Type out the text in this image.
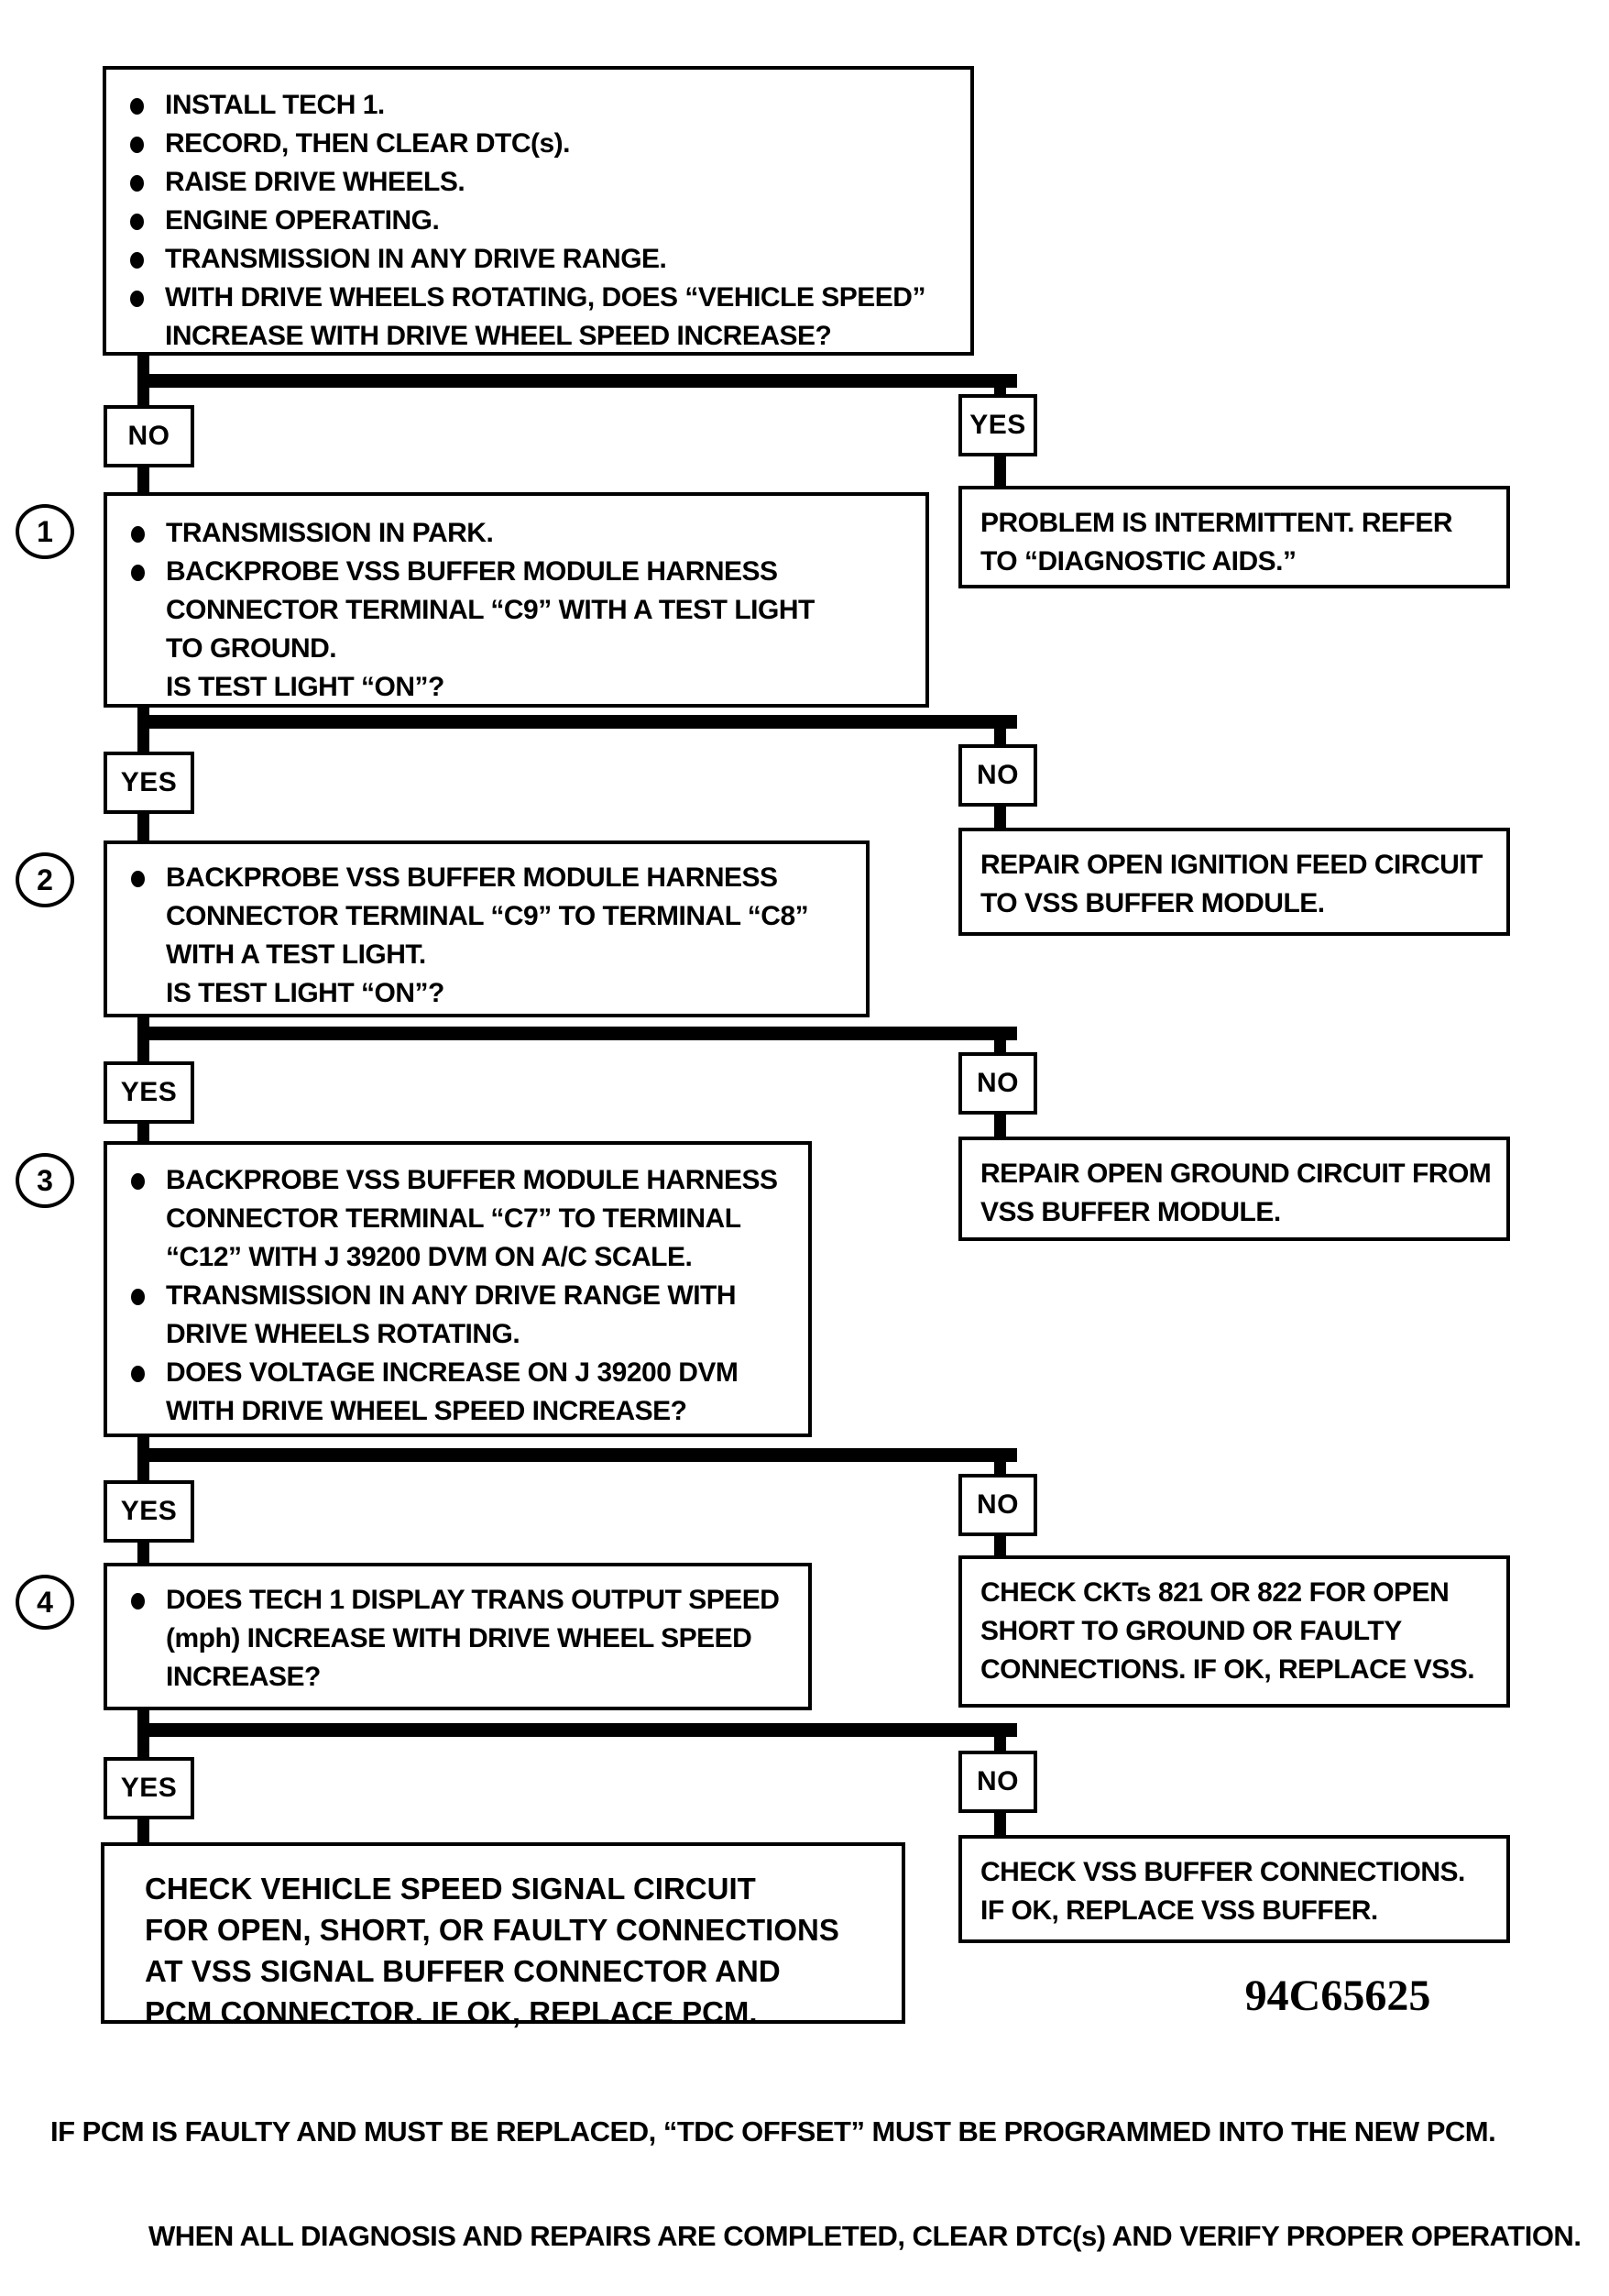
INSTALL TECH 1.
RECORD, THEN CLEAR DTC(s).
RAISE DRIVE WHEELS.
ENGINE OPERATING.
TRANSMISSION IN ANY DRIVE RANGE.
WITH DRIVE WHEELS ROTATING, DOES “VEHICLE SPEED” INCREASE WITH DRIVE WHEEL SPEED INCREASE?
NO	YES
PROBLEM IS INTERMITTENT. REFER TO “DIAGNOSTIC AIDS.”
1	TRANSMISSION IN PARK.
BACKPROBE VSS BUFFER MODULE HARNESS CONNECTOR TERMINAL “C9” WITH A TEST LIGHT TO GROUND.
IS TEST LIGHT “ON”?
YES	NO
REPAIR OPEN IGNITION FEED CIRCUIT TO VSS BUFFER MODULE.
2	BACKPROBE VSS BUFFER MODULE HARNESS CONNECTOR TERMINAL “C9” TO TERMINAL “C8” WITH A TEST LIGHT.
IS TEST LIGHT “ON”?
YES	NO
REPAIR OPEN GROUND CIRCUIT FROM VSS BUFFER MODULE.
3	BACKPROBE VSS BUFFER MODULE HARNESS CONNECTOR TERMINAL “C7” TO TERMINAL “C12” WITH J 39200 DVM ON A/C SCALE.
TRANSMISSION IN ANY DRIVE RANGE WITH DRIVE WHEELS ROTATING.
DOES VOLTAGE INCREASE ON J 39200 DVM WITH DRIVE WHEEL SPEED INCREASE?
YES	NO
CHECK CKTs 821 OR 822 FOR OPEN SHORT TO GROUND OR FAULTY CONNECTIONS. IF OK, REPLACE VSS.
4	DOES TECH 1 DISPLAY TRANS OUTPUT SPEED (mph) INCREASE WITH DRIVE WHEEL SPEED INCREASE?
YES	NO
CHECK VSS BUFFER CONNECTIONS. IF OK, REPLACE VSS BUFFER.
CHECK VEHICLE SPEED SIGNAL CIRCUIT
FOR OPEN, SHORT, OR FAULTY CONNECTIONS
AT VSS SIGNAL BUFFER CONNECTOR AND
PCM CONNECTOR. IF OK, REPLACE PCM.	94C65625
IF PCM IS FAULTY AND MUST BE REPLACED, “TDC OFFSET” MUST BE PROGRAMMED INTO THE NEW PCM.
WHEN ALL DIAGNOSIS AND REPAIRS ARE COMPLETED, CLEAR DTC(s) AND VERIFY PROPER OPERATION.
